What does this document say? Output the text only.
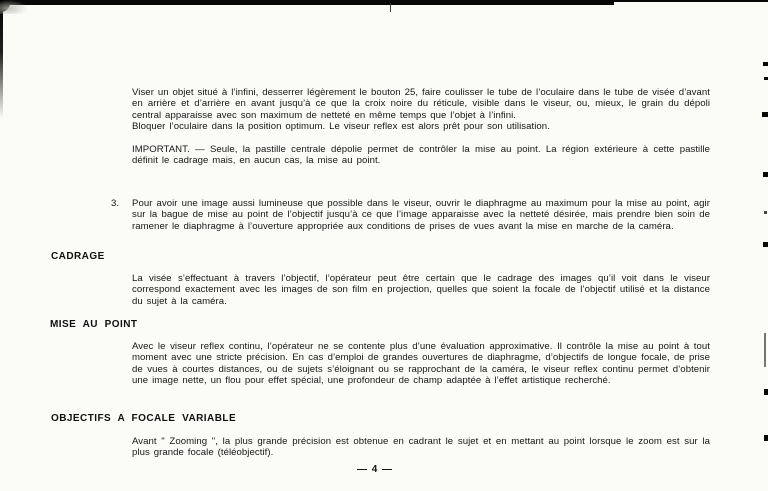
Viser un objet situé à l’infini, desserrer légèrement le bouton 25, faire coulisser le tube de l’oculaire dans le tube de visée d’avant en arrière et d’arrière en avant jusqu’à ce que la croix noire du réticule, visible dans le viseur, ou, mieux, le grain du dépoli central apparaisse avec son maximum de netteté en même temps que l’objet à l’infini.

Bloquer l’oculaire dans la position optimum. Le viseur reflex est alors prêt pour son utilisation.

IMPORTANT. — Seule, la pastille centrale dépolie permet de contrôler la mise au point. La région extérieure à cette pastille définit le cadrage mais, en aucun cas, la mise au point.

3. Pour avoir une image aussi lumineuse que possible dans le viseur, ouvrir le diaphragme au maximum pour la mise au point, agir sur la bague de mise au point de l’objectif jusqu’à ce que l’image apparaisse avec la netteté désirée, mais prendre bien soin de ramener le diaphragme à l’ouverture appropriée aux conditions de prises de vues avant la mise en marche de la caméra.

CADRAGE

La visée s’effectuant à travers l’objectif, l’opérateur peut être certain que le cadrage des images qu’il voit dans le viseur correspond exactement avec les images de son film en projection, quelles que soient la focale de l’objectif utilisé et la distance du sujet à la caméra.

MISE AU POINT

Avec le viseur reflex continu, l’opérateur ne se contente plus d’une évaluation approximative. Il contrôle la mise au point à tout moment avec une stricte précision. En cas d’emploi de grandes ouvertures de diaphragme, d’objectifs de longue focale, de prise de vues à courtes distances, ou de sujets s’éloignant ou se rapprochant de la caméra, le viseur reflex continu permet d’obtenir une image nette, un flou pour effet spécial, une profondeur de champ adaptée à l’effet artistique recherché.

OBJECTIFS A FOCALE VARIABLE

Avant " Zooming ", la plus grande précision est obtenue en cadrant le sujet et en mettant au point lorsque le zoom est sur la plus grande focale (téléobjectif).

— 4 —
